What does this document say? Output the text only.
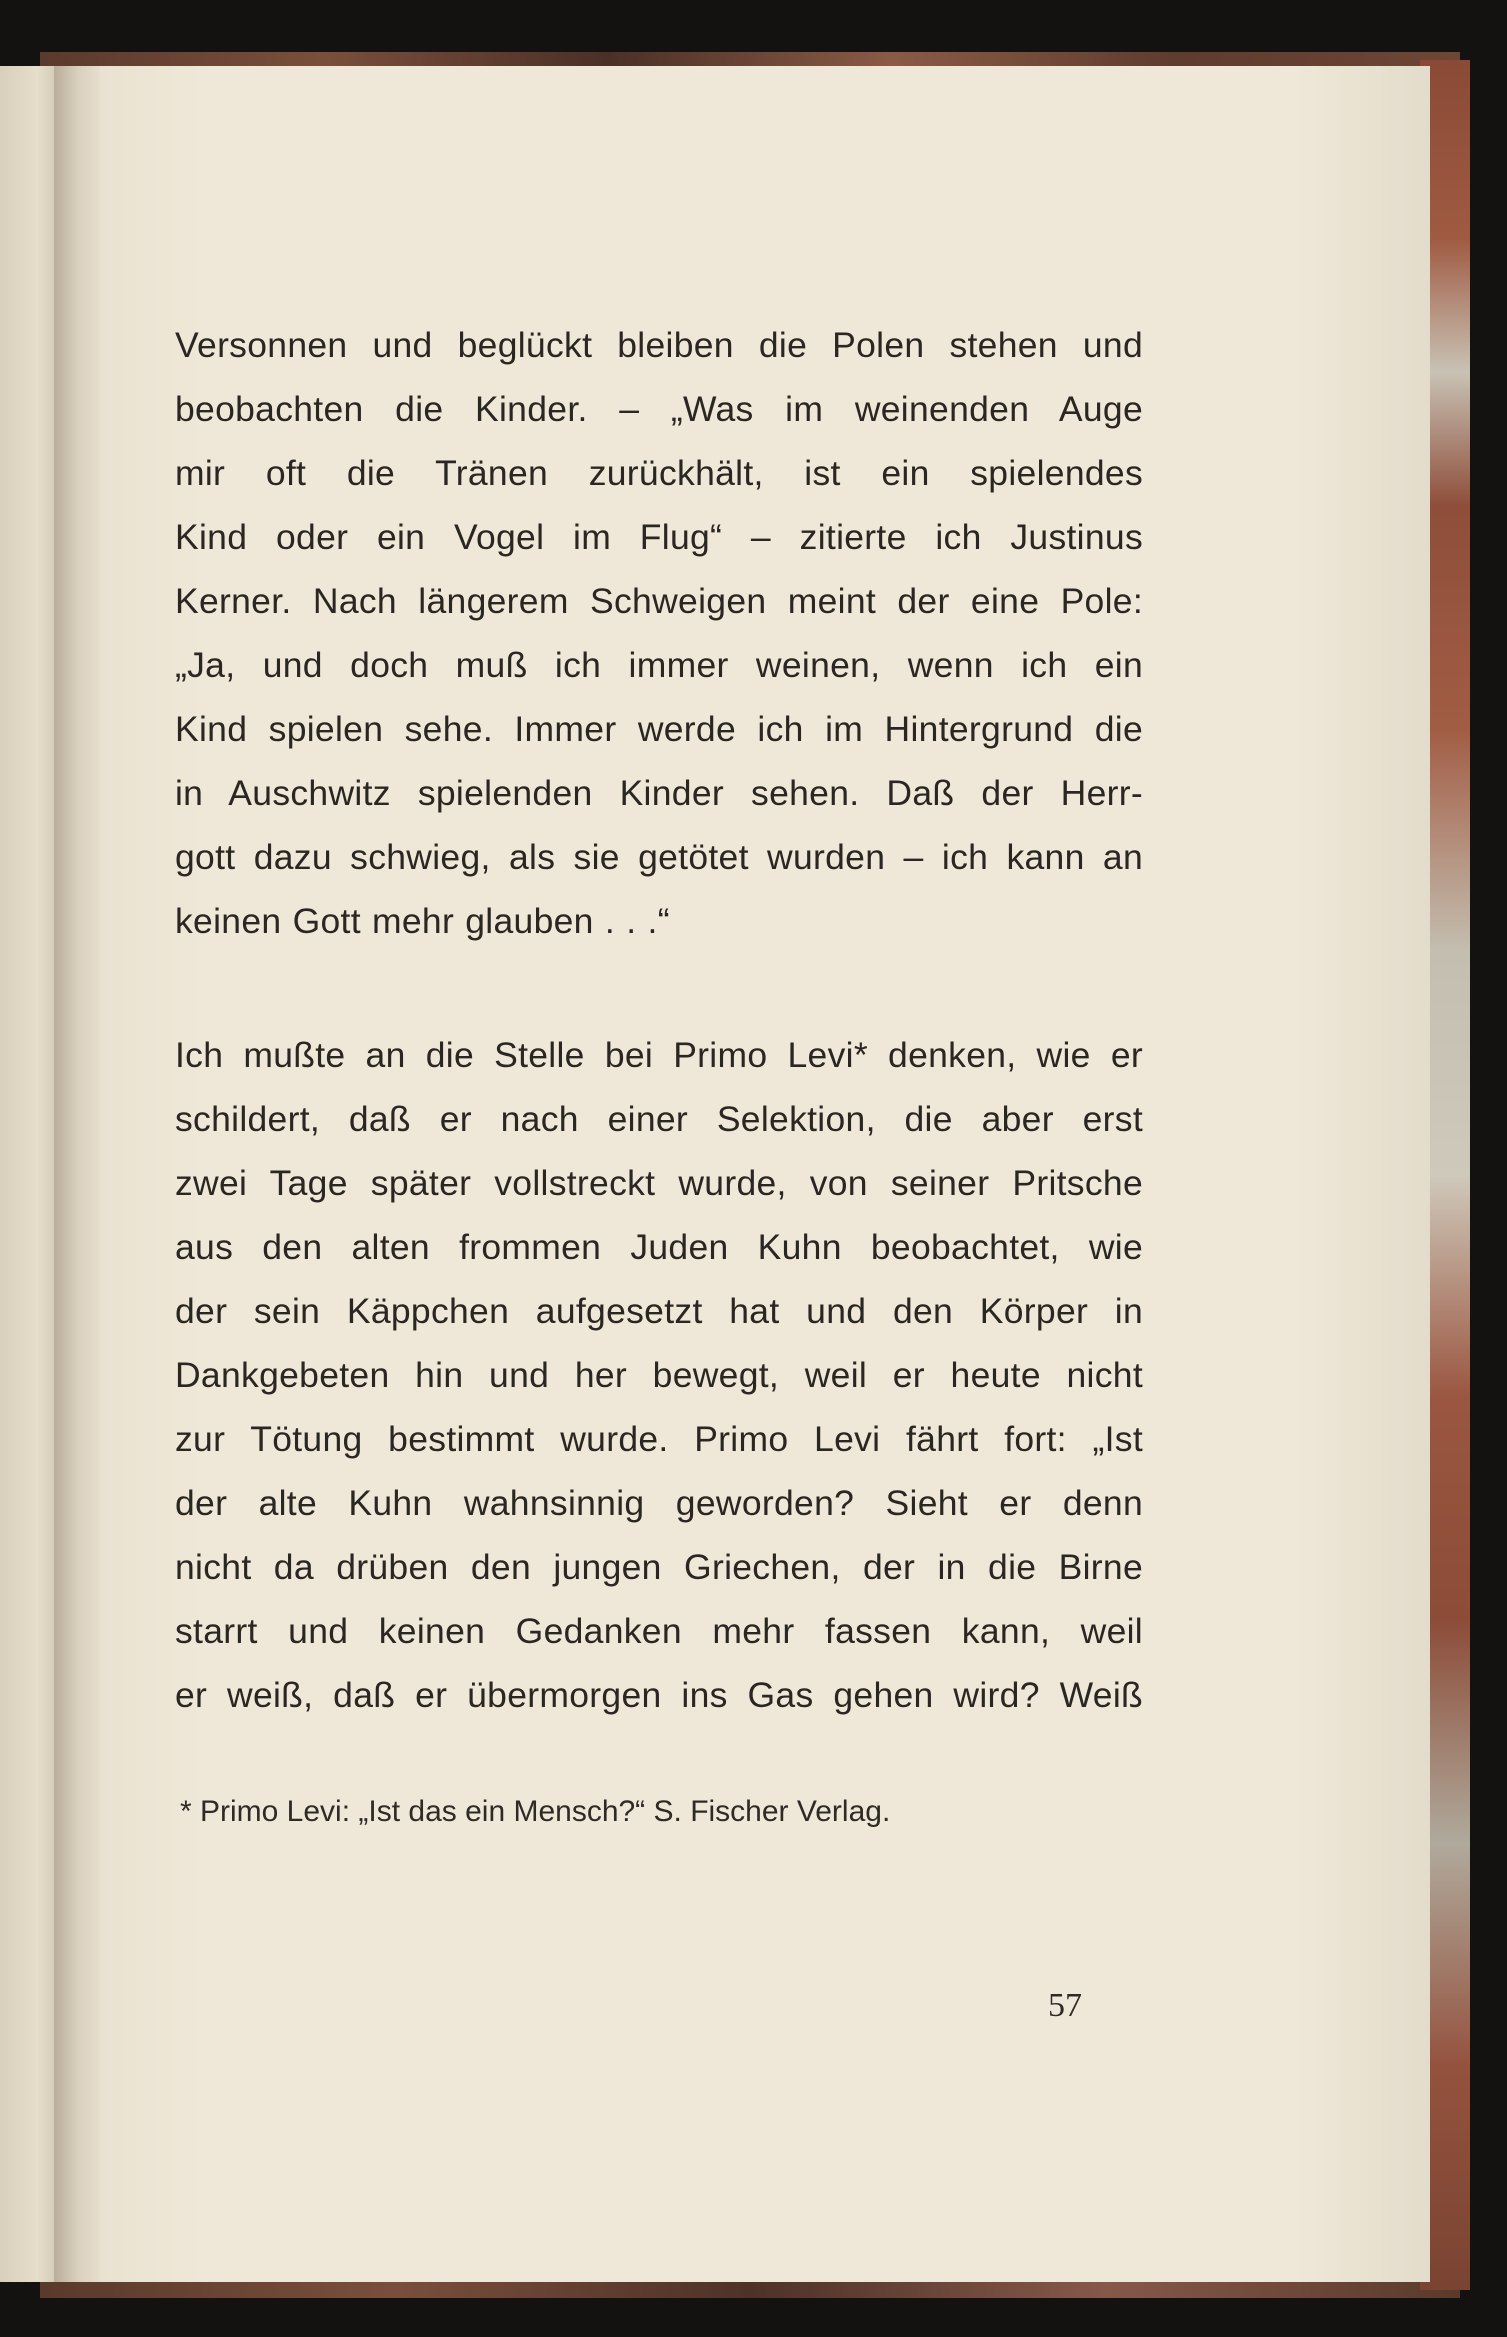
Versonnen und beglückt bleiben die Polen stehen und
beobachten die Kinder. – „Was im weinenden Auge
mir oft die Tränen zurückhält, ist ein spielendes
Kind oder ein Vogel im Flug“ – zitierte ich Justinus
Kerner. Nach längerem Schweigen meint der eine Pole:
„Ja, und doch muß ich immer weinen, wenn ich ein
Kind spielen sehe. Immer werde ich im Hintergrund die
in Auschwitz spielenden Kinder sehen. Daß der Herr-
gott dazu schwieg, als sie getötet wurden – ich kann an
keinen Gott mehr glauben . . .“
Ich mußte an die Stelle bei Primo Levi* denken, wie er
schildert, daß er nach einer Selektion, die aber erst
zwei Tage später vollstreckt wurde, von seiner Pritsche
aus den alten frommen Juden Kuhn beobachtet, wie
der sein Käppchen aufgesetzt hat und den Körper in
Dankgebeten hin und her bewegt, weil er heute nicht
zur Tötung bestimmt wurde. Primo Levi fährt fort: „Ist
der alte Kuhn wahnsinnig geworden? Sieht er denn
nicht da drüben den jungen Griechen, der in die Birne
starrt und keinen Gedanken mehr fassen kann, weil
er weiß, daß er übermorgen ins Gas gehen wird? Weiß
* Primo Levi: „Ist das ein Mensch?“ S. Fischer Verlag.
57
